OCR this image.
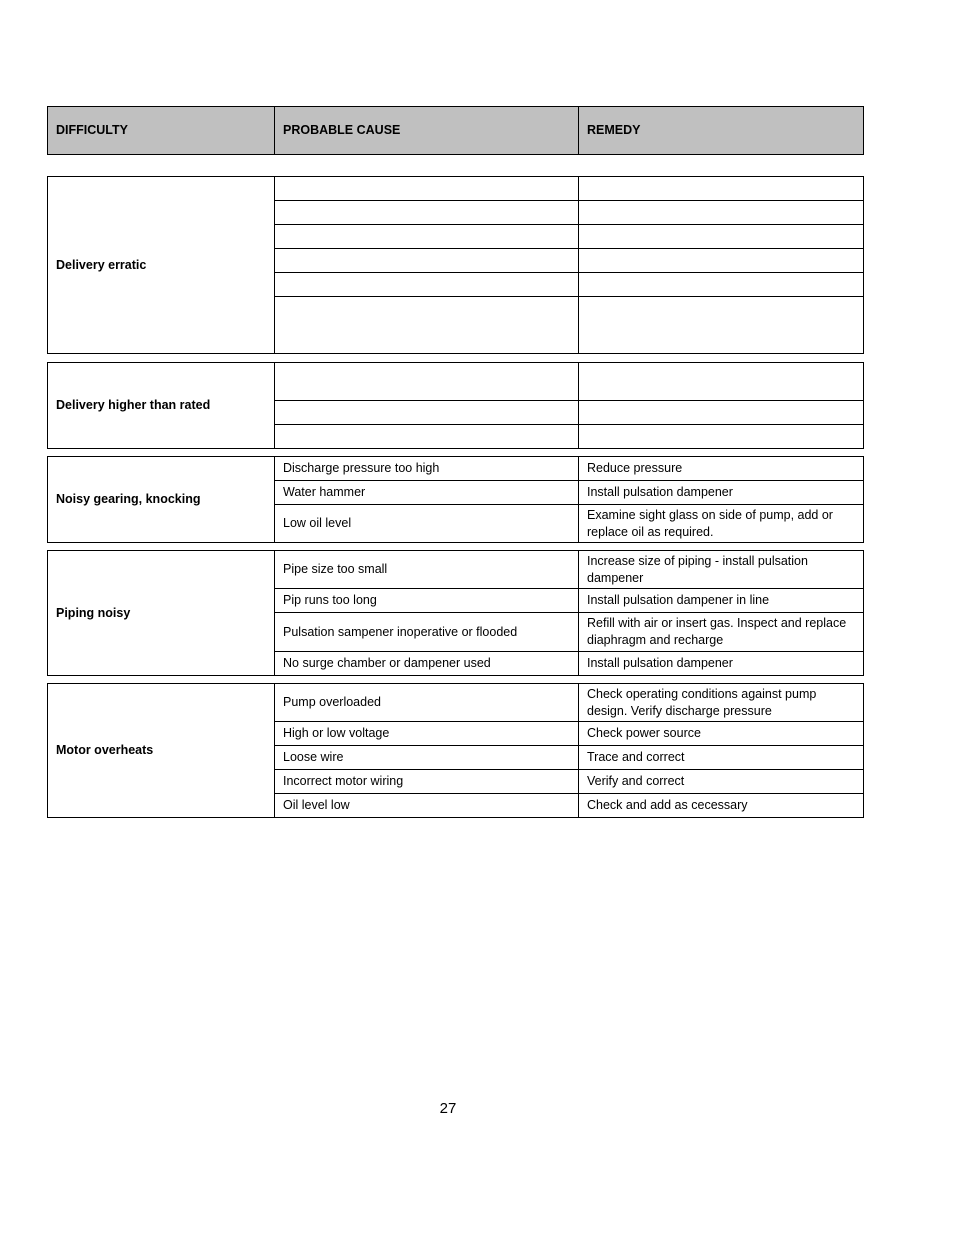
DIFFICULTY	PROBABLE CAUSE	REMEDY
Delivery erratic		

Delivery higher than rated		

Noisy gearing, knocking	Discharge pressure too high	Reduce pressure
	Water hammer	Install pulsation dampener
	Low oil level	Examine sight glass on side of pump, add or replace oil as required.
Piping noisy	Pipe size too small	Increase size of piping - install pulsation dampener
	Pip runs too long	Install pulsation dampener in line
	Pulsation sampener inoperative or flooded	Refill with air or insert gas. Inspect and replace diaphragm and recharge
	No surge chamber or dampener used	Install pulsation dampener
Motor overheats	Pump overloaded	Check operating conditions against pump design. Verify discharge pressure
	High or low voltage	Check power source
	Loose wire	Trace and correct
	Incorrect motor wiring	Verify and correct
	Oil level low	Check and add as cecessary
27
